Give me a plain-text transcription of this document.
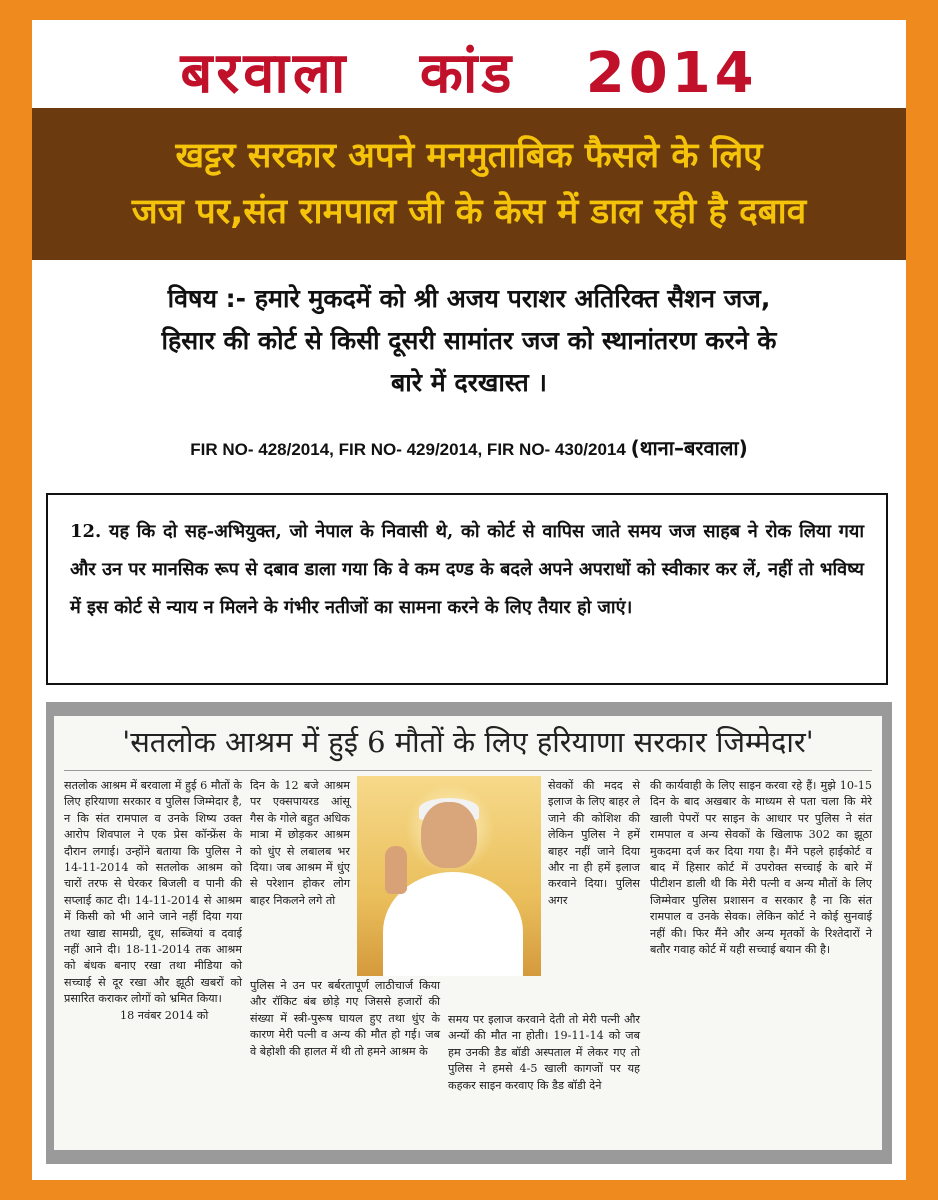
बरवाला   कांड   2014
खट्टर सरकार अपने मनमुताबिक फैसले के लिए
जज पर,संत रामपाल जी के केस में डाल रही है दबाव
विषय :- हमारे मुकदमें को श्री अजय पराशर अतिरिक्त सैशन जज,
हिसार की कोर्ट से किसी दूसरी सामांतर जज को स्थानांतरण करने के
बारे में दरखास्त ।
FIR NO- 428/2014, FIR NO- 429/2014, FIR NO- 430/2014 (थाना–बरवाला)
12. यह कि दो सह-अभियुक्त, जो नेपाल के निवासी थे, को कोर्ट से वापिस जाते समय जज साहब ने रोक लिया गया और उन पर मानसिक रूप से दबाव डाला गया कि वे कम दण्ड के बदले अपने अपराधों को स्वीकार कर लें, नहीं तो भविष्य में इस कोर्ट से न्याय न मिलने के गंभीर नतीजों का सामना करने के लिए तैयार हो जाएं।
'सतलोक आश्रम में हुई 6 मौतों के लिए हरियाणा सरकार जिम्मेदार'
सतलोक आश्रम में बरवाला में हुई 6 मौतों के लिए हरियाणा सरकार व पुलिस जिम्मेदार है, न कि संत रामपाल व उनके शिष्य उक्त आरोप शिवपाल ने एक प्रेस कॉन्फ्रेंस के दौरान लगाई। उन्होंने बताया कि पुलिस ने 14-11-2014 को सतलोक आश्रम को चारों तरफ से घेरकर बिजली व पानी की सप्लाई काट दी। 14-11-2014 से आश्रम में किसी को भी आने जाने नहीं दिया गया तथा खाद्य सामग्री, दूध, सब्जियां व दवाई नहीं आने दी। 18-11-2014 तक आश्रम को बंधक बनाए रखा तथा मीडिया को सच्चाई से दूर रखा और झूठी खबरों को प्रसारित कराकर लोगों को भ्रमित किया।
18 नवंबर 2014 को
दिन के 12 बजे आश्रम पर एक्सपायरड आंसू गैस के गोले बहुत अधिक मात्रा में छोड़कर आश्रम को धुंए से लबालब भर दिया। जब आश्रम में धुंए से परेशान होकर लोग बाहर निकलने लगे तो
सेवकों की मदद से इलाज के लिए बाहर ले जाने की कोशिश की लेकिन पुलिस ने हमें बाहर नहीं जाने दिया और ना ही हमें इलाज करवाने दिया। पुलिस अगर
पुलिस ने उन पर बर्बरतापूर्ण लाठीचार्ज किया और रॉकिट बंब छोड़े गए जिससे हजारों की संख्या में स्त्री-पुरूष घायल हुए तथा धुंए के कारण मेरी पत्नी व अन्य की मौत हो गई। जब वे बेहोशी की हालत में थी तो हमने आश्रम के
समय पर इलाज करवाने देती तो मेरी पत्नी और अन्यों की मौत ना होती। 19-11-14 को जब हम उनकी डैड बॉडी अस्पताल में लेकर गए तो पुलिस ने हमसे 4-5 खाली कागजों पर यह कहकर साइन करवाए कि डैड बॉडी देने
की कार्यवाही के लिए साइन करवा रहे हैं। मुझे 10-15 दिन के बाद अखबार के माध्यम से पता चला कि मेरे खाली पेपरों पर साइन के आधार पर पुलिस ने संत रामपाल व अन्य सेवकों के खिलाफ 302 का झूठा मुकदमा दर्ज कर दिया गया है। मैंने पहले हाईकोर्ट व बाद में हिसार कोर्ट में उपरोक्त सच्चाई के बारे में पीटीशन डाली थी कि मेरी पत्नी व अन्य मौतों के लिए जिम्मेवार पुलिस प्रशासन व सरकार है ना कि संत रामपाल व उनके सेवक। लेकिन कोर्ट ने कोई सुनवाई नहीं की। फिर मैंने और अन्य मृतकों के रिश्तेदारों ने बतौर गवाह कोर्ट में यही सच्चाई बयान की है।
